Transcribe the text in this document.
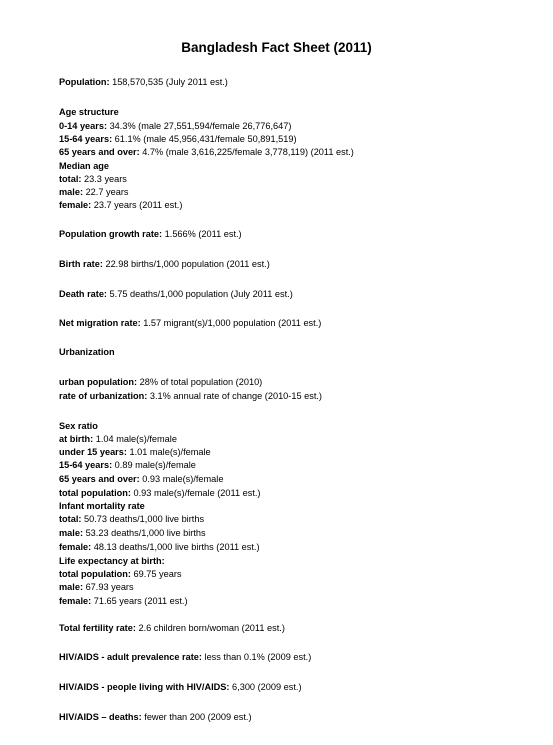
Bangladesh Fact Sheet (2011)
Population: 158,570,535 (July 2011 est.)
Age structure
0-14 years: 34.3% (male 27,551,594/female 26,776,647)
15-64 years: 61.1% (male 45,956,431/female 50,891,519)
65 years and over: 4.7% (male 3,616,225/female 3,778,119) (2011 est.)
Median age
total: 23.3 years
male: 22.7 years
female: 23.7 years (2011 est.)
Population growth rate: 1.566% (2011 est.)
Birth rate: 22.98 births/1,000 population (2011 est.)
Death rate: 5.75 deaths/1,000 population (July 2011 est.)
Net migration rate: 1.57 migrant(s)/1,000 population (2011 est.)
Urbanization
urban population: 28% of total population (2010)
rate of urbanization: 3.1% annual rate of change (2010-15 est.)
Sex ratio
at birth: 1.04 male(s)/female
under 15 years: 1.01 male(s)/female
15-64 years: 0.89 male(s)/female
65 years and over: 0.93 male(s)/female
total population: 0.93 male(s)/female (2011 est.)
Infant mortality rate
total: 50.73 deaths/1,000 live births
male: 53.23 deaths/1,000 live births
female: 48.13 deaths/1,000 live births (2011 est.)
Life expectancy at birth:
total population: 69.75 years
male: 67.93 years
female: 71.65 years (2011 est.)
Total fertility rate: 2.6 children born/woman (2011 est.)
HIV/AIDS - adult prevalence rate: less than 0.1% (2009 est.)
HIV/AIDS - people living with HIV/AIDS: 6,300 (2009 est.)
HIV/AIDS – deaths: fewer than 200 (2009 est.)
